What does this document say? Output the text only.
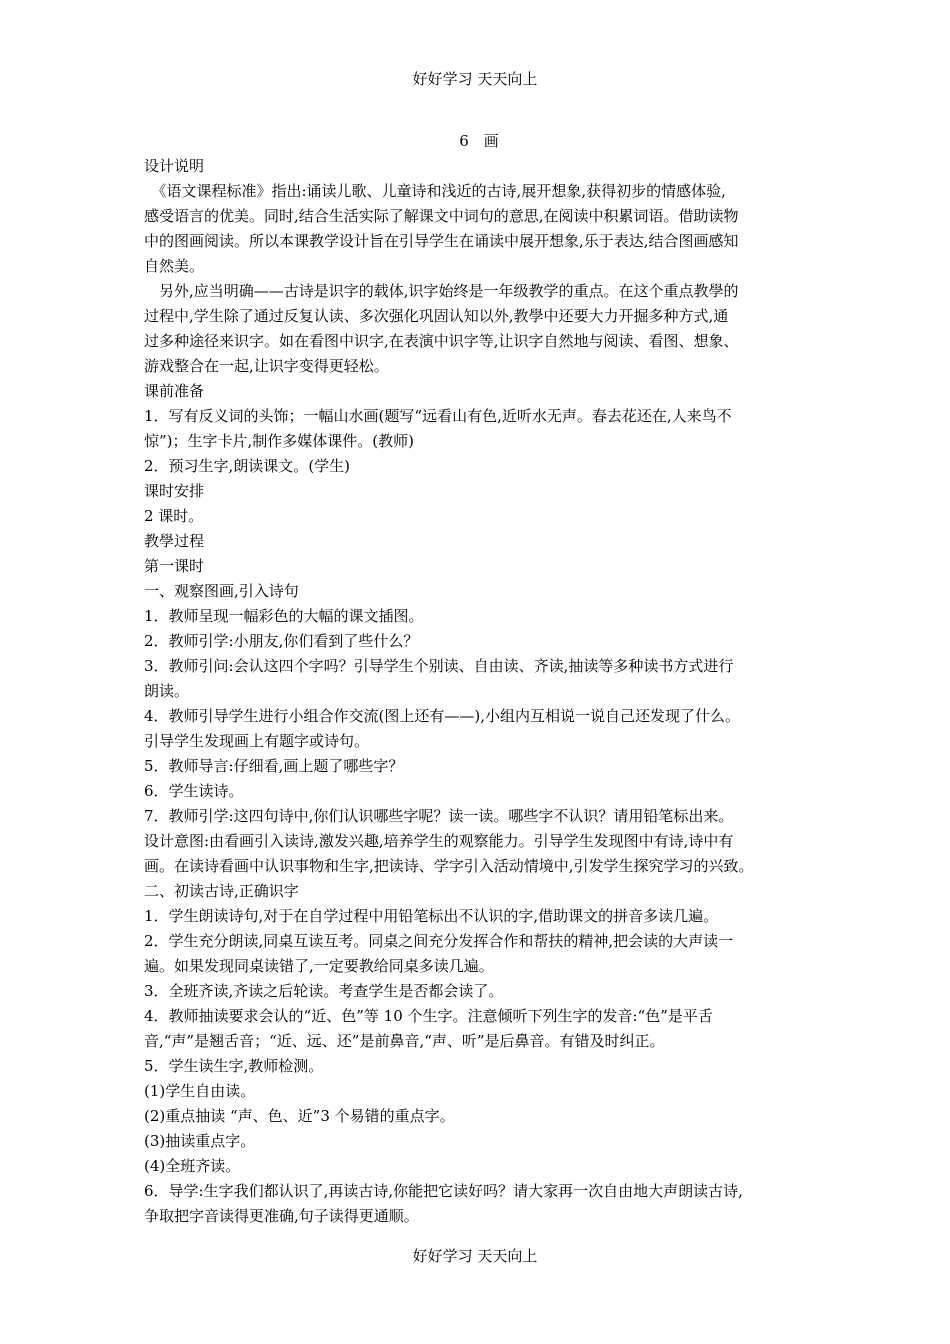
好好学习 天天向上
6　画
设计说明
　《语文课程标准》指出:诵读儿歌、儿童诗和浅近的古诗,展开想象,获得初步的情感体验,
感受语言的优美。同时,结合生活实际了解课文中词句的意思,在阅读中积累词语。借助读物
中的图画阅读。所以本课教学设计旨在引导学生在诵读中展开想象,乐于表达,结合图画感知
自然美。
　另外,应当明确——古诗是识字的载体,识字始终是一年级教学的重点。在这个重点教學的
过程中,学生除了通过反复认读、多次强化巩固认知以外,教學中还要大力开掘多种方式,通
过多种途径来识字。如在看图中识字,在表演中识字等,让识字自然地与阅读、看图、想象、
游戏整合在一起,让识字变得更轻松。
课前准备
1．写有反义词的头饰；一幅山水画(题写“远看山有色,近听水无声。春去花还在,人来鸟不
惊”)；生字卡片,制作多媒体课件。(教师)
2．预习生字,朗读课文。(学生)
课时安排
2 课时。
教學过程
第一课时
一、观察图画,引入诗句
1．教师呈现一幅彩色的大幅的课文插图。
2．教师引学:小朋友,你们看到了些什么？
3．教师引问:会认这四个字吗？引导学生个别读、自由读、齐读,抽读等多种读书方式进行
朗读。
4．教师引导学生进行小组合作交流(图上还有——),小组内互相说一说自己还发现了什么。
引导学生发现画上有题字或诗句。
5．教师导言:仔细看,画上题了哪些字？
6．学生读诗。
7．教师引学:这四句诗中,你们认识哪些字呢？读一读。哪些字不认识？请用铅笔标出来。
设计意图:由看画引入读诗,激发兴趣,培养学生的观察能力。引导学生发现图中有诗,诗中有
画。在读诗看画中认识事物和生字,把读诗、学字引入活动情境中,引发学生探究学习的兴致。
二、初读古诗,正确识字
1．学生朗读诗句,对于在自学过程中用铅笔标出不认识的字,借助课文的拼音多读几遍。
2．学生充分朗读,同桌互读互考。同桌之间充分发挥合作和帮扶的精神,把会读的大声读一
遍。如果发现同桌读错了,一定要教给同桌多读几遍。
3．全班齐读,齐读之后轮读。考查学生是否都会读了。
4．教师抽读要求会认的“近、色”等 10 个生字。注意倾听下列生字的发音:“色”是平舌
音,“声”是翘舌音；“近、远、还”是前鼻音,“声、听”是后鼻音。有错及时纠正。
5．学生读生字,教师检测。
(1)学生自由读。
(2)重点抽读 “声、色、近”3 个易错的重点字。
(3)抽读重点字。
(4)全班齐读。
6．导学:生字我们都认识了,再读古诗,你能把它读好吗？请大家再一次自由地大声朗读古诗,
争取把字音读得更准确,句子读得更通顺。
好好学习 天天向上
